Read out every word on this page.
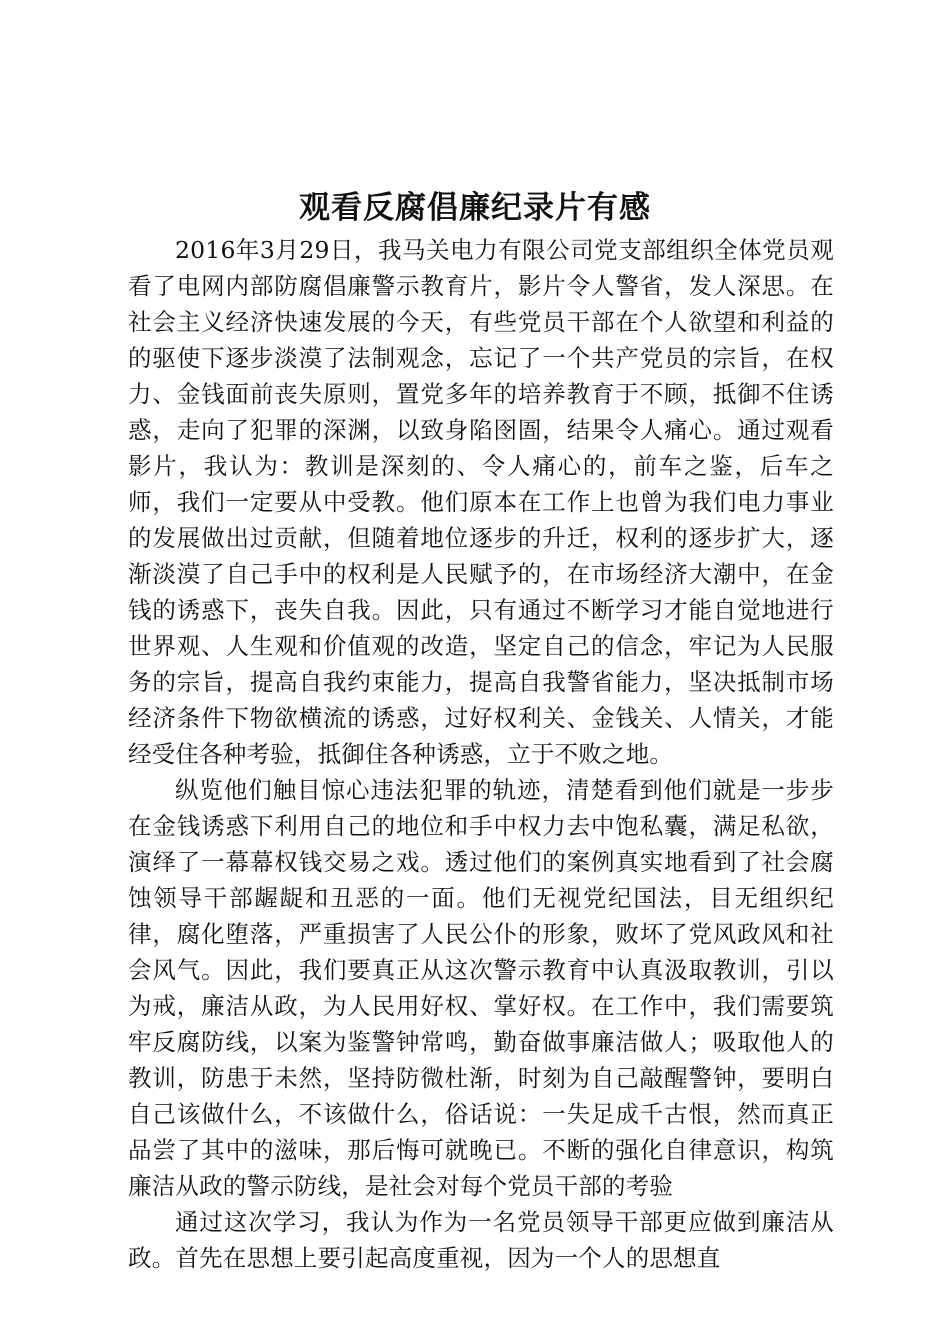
观看反腐倡廉纪录片有感

2016年3月29日，我马关电力有限公司党支部组织全体党员观看了电网内部防腐倡廉警示教育片，影片令人警省，发人深思。在社会主义经济快速发展的今天，有些党员干部在个人欲望和利益的的驱使下逐步淡漠了法制观念，忘记了一个共产党员的宗旨，在权力、金钱面前丧失原则，置党多年的培养教育于不顾，抵御不住诱惑，走向了犯罪的深渊，以致身陷囹圄，结果令人痛心。通过观看影片，我认为：教训是深刻的、令人痛心的，前车之鉴，后车之师，我们一定要从中受教。他们原本在工作上也曾为我们电力事业的发展做出过贡献，但随着地位逐步的升迁，权利的逐步扩大，逐渐淡漠了自己手中的权利是人民赋予的，在市场经济大潮中，在金钱的诱惑下，丧失自我。因此，只有通过不断学习才能自觉地进行世界观、人生观和价值观的改造，坚定自己的信念，牢记为人民服务的宗旨，提高自我约束能力，提高自我警省能力，坚决抵制市场经济条件下物欲横流的诱惑，过好权利关、金钱关、人情关，才能经受住各种考验，抵御住各种诱惑，立于不败之地。

纵览他们触目惊心违法犯罪的轨迹，清楚看到他们就是一步步在金钱诱惑下利用自己的地位和手中权力去中饱私囊，满足私欲，演绎了一幕幕权钱交易之戏。透过他们的案例真实地看到了社会腐蚀领导干部龌龊和丑恶的一面。他们无视党纪国法，目无组织纪律，腐化堕落，严重损害了人民公仆的形象，败坏了党风政风和社会风气。因此，我们要真正从这次警示教育中认真汲取教训，引以为戒，廉洁从政，为人民用好权、掌好权。在工作中，我们需要筑牢反腐防线，以案为鉴警钟常鸣，勤奋做事廉洁做人；吸取他人的教训，防患于未然，坚持防微杜渐，时刻为自己敲醒警钟，要明白自己该做什么，不该做什么，俗话说：一失足成千古恨，然而真正品尝了其中的滋味，那后悔可就晚已。不断的强化自律意识，构筑廉洁从政的警示防线，是社会对每个党员干部的考验

通过这次学习，我认为作为一名党员领导干部更应做到廉洁从政。首先在思想上要引起高度重视，因为一个人的思想直
